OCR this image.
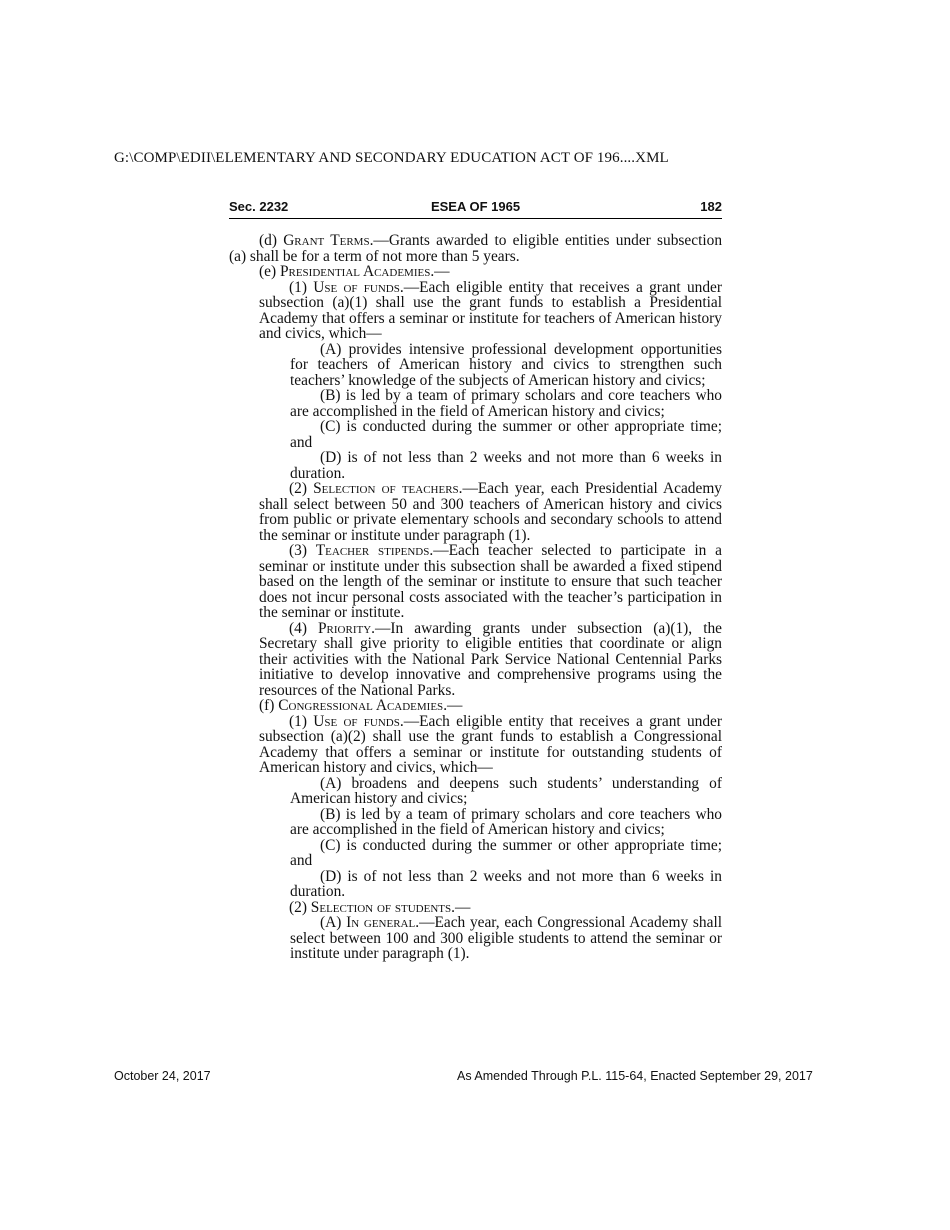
G:\COMP\EDII\ELEMENTARY AND SECONDARY EDUCATION ACT OF 196....XML
ESEA OF 1965
Sec. 2232	182

(d) Grant Terms.—Grants awarded to eligible entities under subsection (a) shall be for a term of not more than 5 years.

(e) Presidential Academies.—

(1) Use of funds.—Each eligible entity that receives a grant under subsection (a)(1) shall use the grant funds to establish a Presidential Academy that offers a seminar or institute for teachers of American history and civics, which—

(A) provides intensive professional development opportunities for teachers of American history and civics to strengthen such teachers’ knowledge of the subjects of American history and civics;

(B) is led by a team of primary scholars and core teachers who are accomplished in the field of American history and civics;

(C) is conducted during the summer or other appropriate time; and

(D) is of not less than 2 weeks and not more than 6 weeks in duration.

(2) Selection of teachers.—Each year, each Presidential Academy shall select between 50 and 300 teachers of American history and civics from public or private elementary schools and secondary schools to attend the seminar or institute under paragraph (1).

(3) Teacher stipends.—Each teacher selected to participate in a seminar or institute under this subsection shall be awarded a fixed stipend based on the length of the seminar or institute to ensure that such teacher does not incur personal costs associated with the teacher’s participation in the seminar or institute.

(4) Priority.—In awarding grants under subsection (a)(1), the Secretary shall give priority to eligible entities that coordinate or align their activities with the National Park Service National Centennial Parks initiative to develop innovative and comprehensive programs using the resources of the National Parks.

(f) Congressional Academies.—

(1) Use of funds.—Each eligible entity that receives a grant under subsection (a)(2) shall use the grant funds to establish a Congressional Academy that offers a seminar or institute for outstanding students of American history and civics, which—

(A) broadens and deepens such students’ understanding of American history and civics;

(B) is led by a team of primary scholars and core teachers who are accomplished in the field of American history and civics;

(C) is conducted during the summer or other appropriate time; and

(D) is of not less than 2 weeks and not more than 6 weeks in duration.

(2) Selection of students.—

(A) In general.—Each year, each Congressional Academy shall select between 100 and 300 eligible students to attend the seminar or institute under paragraph (1).

October 24, 2017	As Amended Through P.L. 115-64, Enacted September 29, 2017
